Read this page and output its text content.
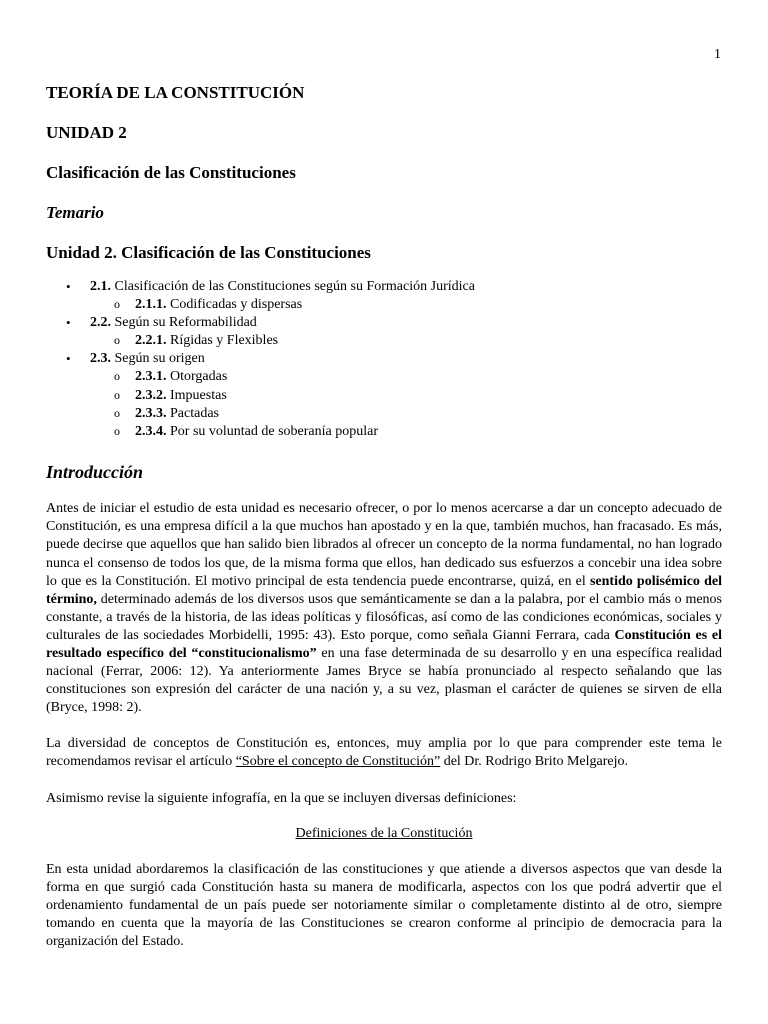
1
TEORÍA DE LA CONSTITUCIÓN
UNIDAD 2
Clasificación de las Constituciones
Temario
Unidad 2. Clasificación de las Constituciones
• 2.1. Clasificación de las Constituciones según su Formación Jurídica
o 2.1.1. Codificadas y dispersas
• 2.2. Según su Reformabilidad
o 2.2.1. Rígidas y Flexibles
• 2.3. Según su origen
o 2.3.1. Otorgadas
o 2.3.2. Impuestas
o 2.3.3. Pactadas
o 2.3.4. Por su voluntad de soberanía popular
Introducción

Antes de iniciar el estudio de esta unidad es necesario ofrecer, o por lo menos acercarse a dar un concepto adecuado de Constitución, es una empresa difícil a la que muchos han apostado y en la que, también muchos, han fracasado. Es más, puede decirse que aquellos que han salido bien librados al ofrecer un concepto de la norma fundamental, no han logrado nunca el consenso de todos los que, de la misma forma que ellos, han dedicado sus esfuerzos a concebir una idea sobre lo que es la Constitución. El motivo principal de esta tendencia puede encontrarse, quizá, en el sentido polisémico del término, determinado además de los diversos usos que semánticamente se dan a la palabra, por el cambio más o menos constante, a través de la historia, de las ideas políticas y filosóficas, así como de las condiciones económicas, sociales y culturales de las sociedades Morbidelli, 1995: 43). Esto porque, como señala Gianni Ferrara, cada Constitución es el resultado específico del “constitucionalismo” en una fase determinada de su desarrollo y en una específica realidad nacional (Ferrar, 2006: 12). Ya anteriormente James Bryce se había pronunciado al respecto señalando que las constituciones son expresión del carácter de una nación y, a su vez, plasman el carácter de quienes se sirven de ella (Bryce, 1998: 2).

La diversidad de conceptos de Constitución es, entonces, muy amplia por lo que para comprender este tema le recomendamos revisar el artículo “Sobre el concepto de Constitución” del Dr. Rodrigo Brito Melgarejo.

Asimismo revise la siguiente infografía, en la que se incluyen diversas definiciones:

Definiciones de la Constitución

En esta unidad abordaremos la clasificación de las constituciones y que atiende a diversos aspectos que van desde la forma en que surgió cada Constitución hasta su manera de modificarla, aspectos con los que podrá advertir que el ordenamiento fundamental de un país puede ser notoriamente similar o completamente distinto al de otro, siempre tomando en cuenta que la mayoría de las Constituciones se crearon conforme al principio de democracia para la organización del Estado.
